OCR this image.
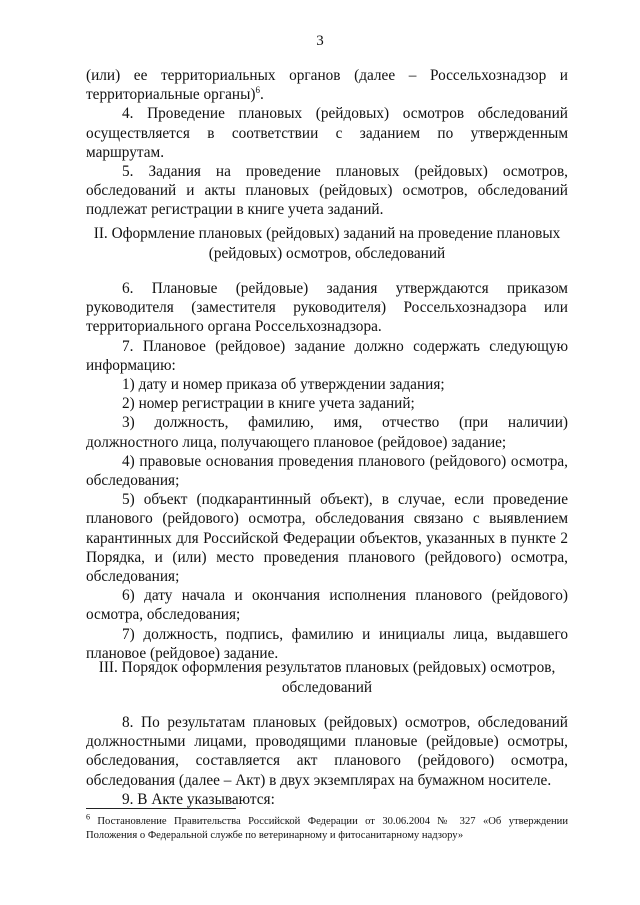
3

(или) ее территориальных органов (далее – Россельхознадзор и территориальные органы)$^6$.

4. Проведение плановых (рейдовых) осмотров обследований осуществляется в соответствии с заданием по утвержденным маршрутам.

5. Задания на проведение плановых (рейдовых) осмотров, обследований и акты плановых (рейдовых) осмотров, обследований подлежат регистрации в книге учета заданий.

II. Оформление плановых (рейдовых) заданий на проведение плановых (рейдовых) осмотров, обследований

6. Плановые (рейдовые) задания утверждаются приказом руководителя (заместителя руководителя) Россельхознадзора или территориального органа Россельхознадзора.

7. Плановое (рейдовое) задание должно содержать следующую информацию:

1) дату и номер приказа об утверждении задания;

2) номер регистрации в книге учета заданий;

3) должность, фамилию, имя, отчество (при наличии) должностного лица, получающего плановое (рейдовое) задание;

4) правовые основания проведения планового (рейдового) осмотра, обследования;

5) объект (подкарантинный объект), в случае, если проведение планового (рейдового) осмотра, обследования связано с выявлением карантинных для Российской Федерации объектов, указанных в пункте 2 Порядка, и (или) место проведения планового (рейдового) осмотра, обследования;

6) дату начала и окончания исполнения планового (рейдового) осмотра, обследования;

7) должность, подпись, фамилию и инициалы лица, выдавшего плановое (рейдовое) задание.

III. Порядок оформления результатов плановых (рейдовых) осмотров, обследований

8. По результатам плановых (рейдовых) осмотров, обследований должностными лицами, проводящими плановые (рейдовые) осмотры, обследования, составляется акт планового (рейдового) осмотра, обследования (далее – Акт) в двух экземплярах на бумажном носителе.

9. В Акте указываются:

$^6$ Постановление Правительства Российской Федерации от 30.06.2004 № 327 «Об утверждении Положения о Федеральной службе по ветеринарному и фитосанитарному надзору»
